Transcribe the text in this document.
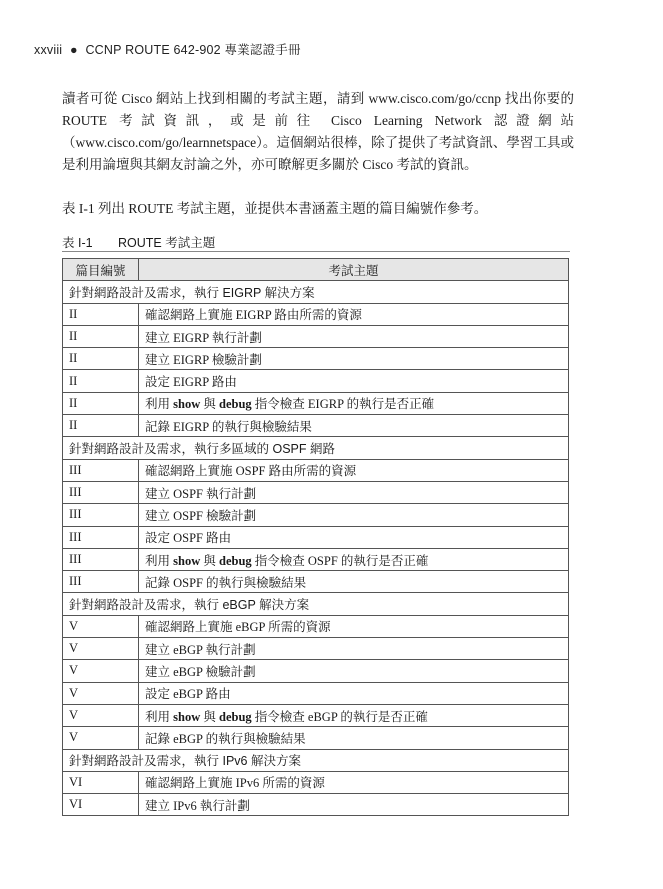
xxviii ● CCNP ROUTE 642-902 專業認證手冊

讀者可從 Cisco 網站上找到相關的考試主題，請到 www.cisco.com/go/ccnp 找出你要的 ROUTE 考試資訊，或是前往 Cisco Learning Network 認證網站（www.cisco.com/go/learnnetspace）。這個網站很棒，除了提供了考試資訊、學習工具或是利用論壇與其網友討論之外，亦可瞭解更多關於 Cisco 考試的資訊。

表 I-1 列出 ROUTE 考試主題，並提供本書涵蓋主題的篇目編號作參考。

表 I-1 ROUTE 考試主題
篇目編號	考試主題
針對網路設計及需求，執行 EIGRP 解決方案	
II	確認網路上實施 EIGRP 路由所需的資源
II	建立 EIGRP 執行計劃
II	建立 EIGRP 檢驗計劃
II	設定 EIGRP 路由
II	利用 show 與 debug 指令檢查 EIGRP 的執行是否正確
II	記錄 EIGRP 的執行與檢驗結果
針對網路設計及需求，執行多區域的 OSPF 網路	
III	確認網路上實施 OSPF 路由所需的資源
III	建立 OSPF 執行計劃
III	建立 OSPF 檢驗計劃
III	設定 OSPF 路由
III	利用 show 與 debug 指令檢查 OSPF 的執行是否正確
III	記錄 OSPF 的執行與檢驗結果
針對網路設計及需求，執行 eBGP 解決方案	
V	確認網路上實施 eBGP 所需的資源
V	建立 eBGP 執行計劃
V	建立 eBGP 檢驗計劃
V	設定 eBGP 路由
V	利用 show 與 debug 指令檢查 eBGP 的執行是否正確
V	記錄 eBGP 的執行與檢驗結果
針對網路設計及需求，執行 IPv6 解決方案	
VI	確認網路上實施 IPv6 所需的資源
VI	建立 IPv6 執行計劃
